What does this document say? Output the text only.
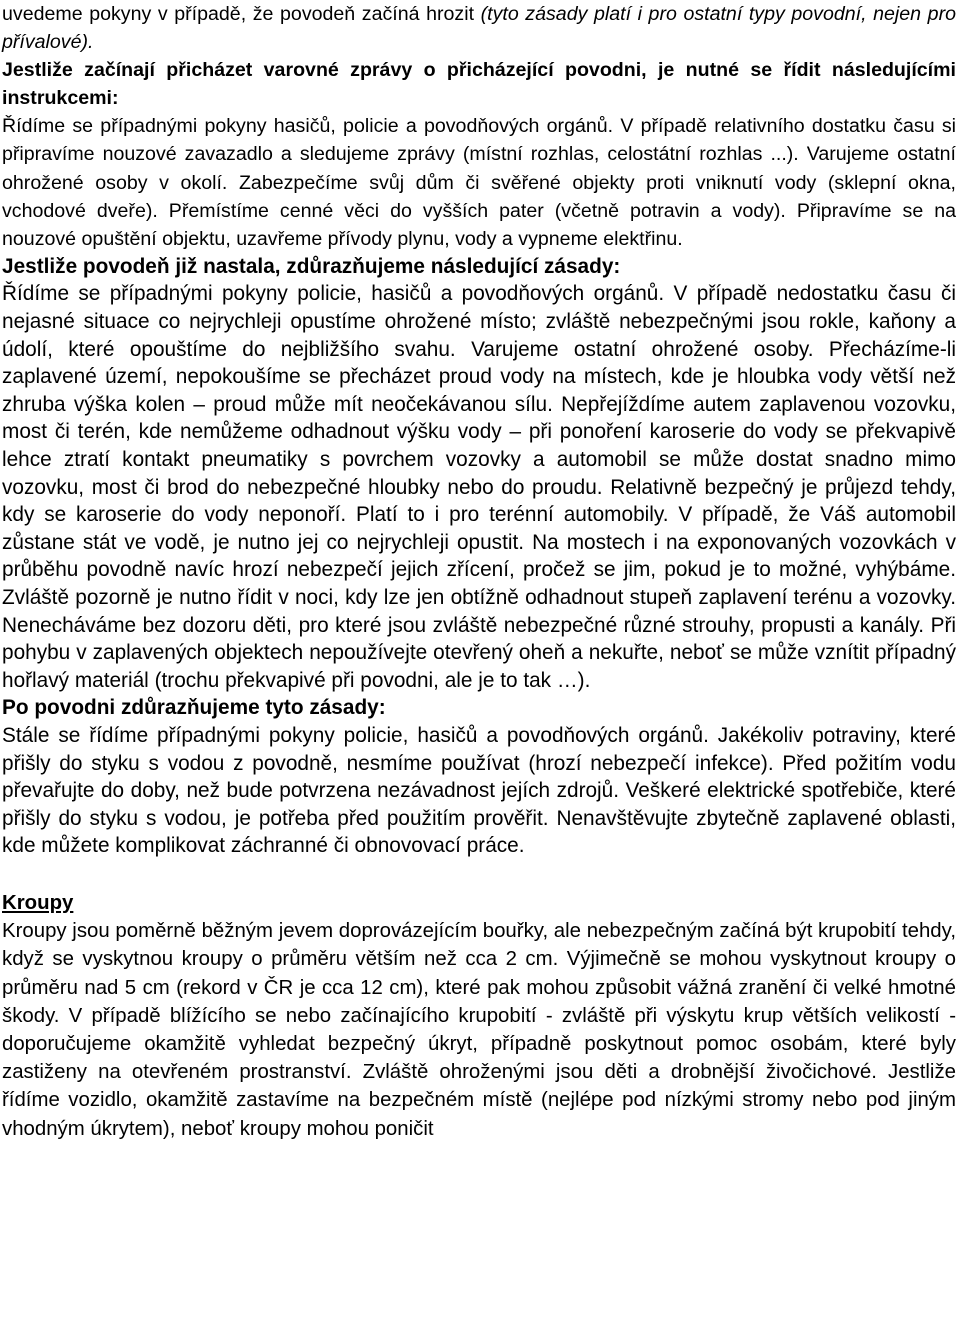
uvedeme pokyny v případě, že povodeň začíná hrozit (tyto zásady platí i pro ostatní typy povodní, nejen pro přívalové).

Jestliže začínají přicházet varovné zprávy o přicházející povodni, je nutné se řídit následujícími instrukcemi:

Řídíme se případnými pokyny hasičů, policie a povodňových orgánů. V případě relativního dostatku času si připravíme nouzové zavazadlo a sledujeme zprávy (místní rozhlas, celostátní rozhlas ...). Varujeme ostatní ohrožené osoby v okolí. Zabezpečíme svůj dům či svěřené objekty proti vniknutí vody (sklepní okna, vchodové dveře). Přemístíme cenné věci do vyšších pater (včetně potravin a vody). Připravíme se na nouzové opuštění objektu, uzavřeme přívody plynu, vody a vypneme elektřinu.

Jestliže povodeň již nastala, zdůrazňujeme následující zásady:

Řídíme se případnými pokyny policie, hasičů a povodňových orgánů. V případě nedostatku času či nejasné situace co nejrychleji opustíme ohrožené místo; zvláště nebezpečnými jsou rokle, kaňony a údolí, které opouštíme do nejbližšího svahu. Varujeme ostatní ohrožené osoby. Přecházíme-li zaplavené území, nepokoušíme se přecházet proud vody na místech, kde je hloubka vody větší než zhruba výška kolen – proud může mít neočekávanou sílu. Nepřejíždíme autem zaplavenou vozovku, most či terén, kde nemůžeme odhadnout výšku vody – při ponoření karoserie do vody se překvapivě lehce ztratí kontakt pneumatiky s povrchem vozovky a automobil se může dostat snadno mimo vozovku, most či brod do nebezpečné hloubky nebo do proudu. Relativně bezpečný je průjezd tehdy, kdy se karoserie do vody neponoří. Platí to i pro terénní automobily. V případě, že Váš automobil zůstane stát ve vodě, je nutno jej co nejrychleji opustit. Na mostech i na exponovaných vozovkách v průběhu povodně navíc hrozí nebezpečí jejich zřícení, pročež se jim, pokud je to možné, vyhýbáme. Zvláště pozorně je nutno řídit v noci, kdy lze jen obtížně odhadnout stupeň zaplavení terénu a vozovky. Nenecháváme bez dozoru děti, pro které jsou zvláště nebezpečné různé strouhy, propusti a kanály. Při pohybu v zaplavených objektech nepoužívejte otevřený oheň a nekuřte, neboť se může vznítit případný hořlavý materiál (trochu překvapivé při povodni, ale je to tak …).

Po povodni zdůrazňujeme tyto zásady:

Stále se řídíme případnými pokyny policie, hasičů a povodňových orgánů. Jakékoliv potraviny, které přišly do styku s vodou z povodně, nesmíme používat (hrozí nebezpečí infekce). Před požitím vodu převařujte do doby, než bude potvrzena nezávadnost jejích zdrojů. Veškeré elektrické spotřebiče, které přišly do styku s vodou, je potřeba před použitím prověřit. Nenavštěvujte zbytečně zaplavené oblasti, kde můžete komplikovat záchranné či obnovovací práce.

Kroupy

Kroupy jsou poměrně běžným jevem doprovázejícím bouřky, ale nebezpečným začíná být krupobití tehdy, když se vyskytnou kroupy o průměru větším než cca 2 cm. Výjimečně se mohou vyskytnout kroupy o průměru nad 5 cm (rekord v ČR je cca 12 cm), které pak mohou způsobit vážná zranění či velké hmotné škody. V případě blížícího se nebo začínajícího krupobití - zvláště při výskytu krup větších velikostí - doporučujeme okamžitě vyhledat bezpečný úkryt, případně poskytnout pomoc osobám, které byly zastiženy na otevřeném prostranství. Zvláště ohroženými jsou děti a drobnější živočichové. Jestliže řídíme vozidlo, okamžitě zastavíme na bezpečném místě (nejlépe pod nízkými stromy nebo pod jiným vhodným úkrytem), neboť kroupy mohou poničit
